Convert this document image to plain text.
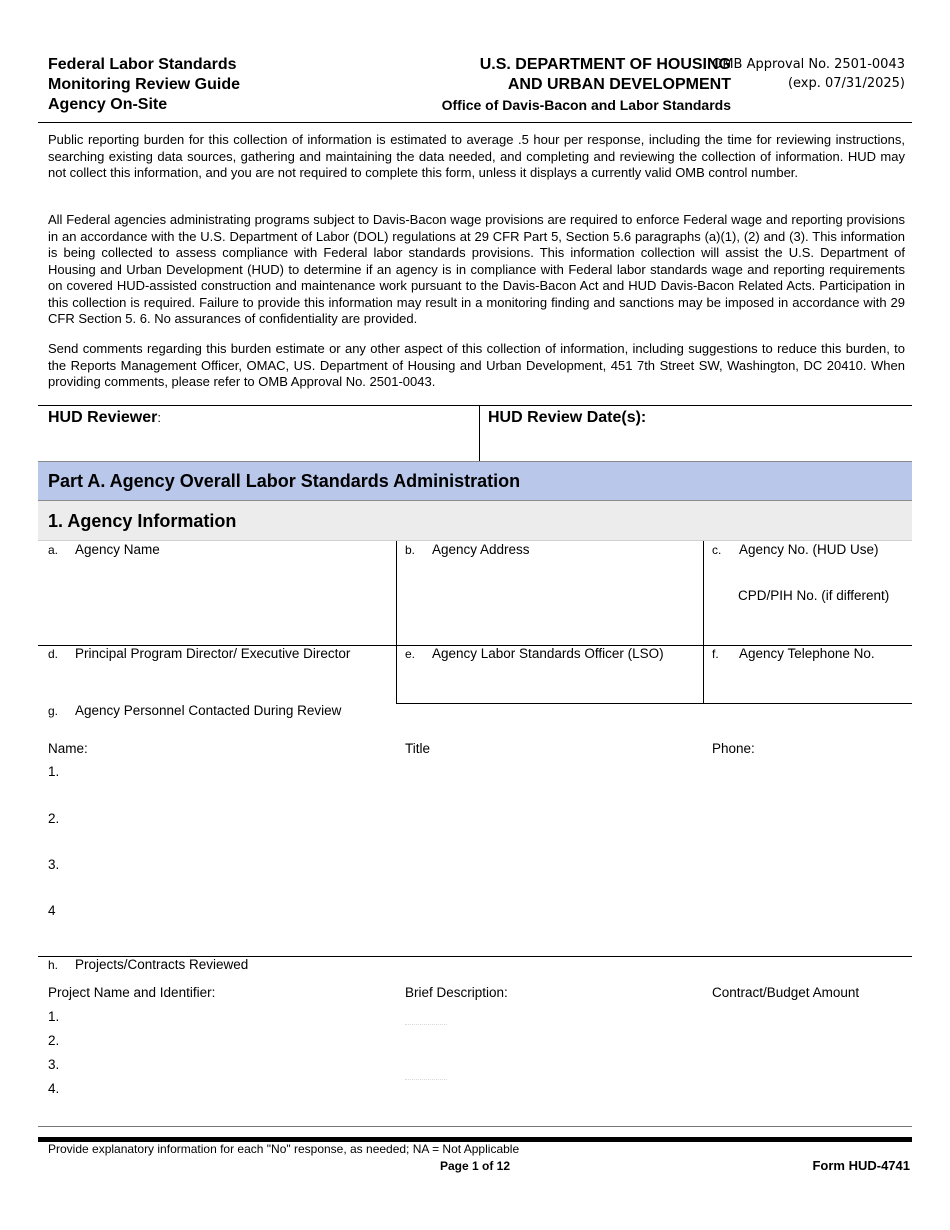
Federal Labor Standards
Monitoring Review Guide
Agency On-Site
U.S. DEPARTMENT OF HOUSING
AND URBAN DEVELOPMENT
Office of Davis-Bacon and Labor Standards
OMB Approval No. 2501-0043
(exp. 07/31/2025)
Public reporting burden for this collection of information is estimated to average .5 hour per response, including the time for reviewing instructions, searching existing data sources, gathering and maintaining the data needed, and completing and reviewing the collection of information. HUD may not collect this information, and you are not required to complete this form, unless it displays a currently valid OMB control number.
All Federal agencies administrating programs subject to Davis-Bacon wage provisions are required to enforce Federal wage and reporting provisions in an accordance with the U.S. Department of Labor (DOL) regulations at 29 CFR Part 5, Section 5.6 paragraphs (a)(1), (2) and (3). This information is being collected to assess compliance with Federal labor standards provisions. This information collection will assist the U.S. Department of Housing and Urban Development (HUD) to determine if an agency is in compliance with Federal labor standards wage and reporting requirements on covered HUD-assisted construction and maintenance work pursuant to the Davis-Bacon Act and HUD Davis-Bacon Related Acts. Participation in this collection is required. Failure to provide this information may result in a monitoring finding and sanctions may be imposed in accordance with 29 CFR Section 5. 6. No assurances of confidentiality are provided.
Send comments regarding this burden estimate or any other aspect of this collection of information, including suggestions to reduce this burden, to the Reports Management Officer, OMAC, US. Department of Housing and Urban Development, 451 7th Street SW, Washington, DC 20410. When providing comments, please refer to OMB Approval No. 2501-0043.
HUD Reviewer:	HUD Review Date(s):
Part A. Agency Overall Labor Standards Administration
1. Agency Information
a. Agency Name	b. Agency Address	c. Agency No. (HUD Use)
CPD/PIH No. (if different)
d. Principal Program Director/ Executive Director	e. Agency Labor Standards Officer (LSO)	f. Agency Telephone No.
g. Agency Personnel Contacted During Review
Name:	Title	Phone:
1.
2.
3.
4
h. Projects/Contracts Reviewed
Project Name and Identifier:	Brief Description:	Contract/Budget Amount
1.
2.
3.
4.
Provide explanatory information for each "No" response, as needed; NA = Not Applicable
Page 1 of 12	Form HUD-4741
